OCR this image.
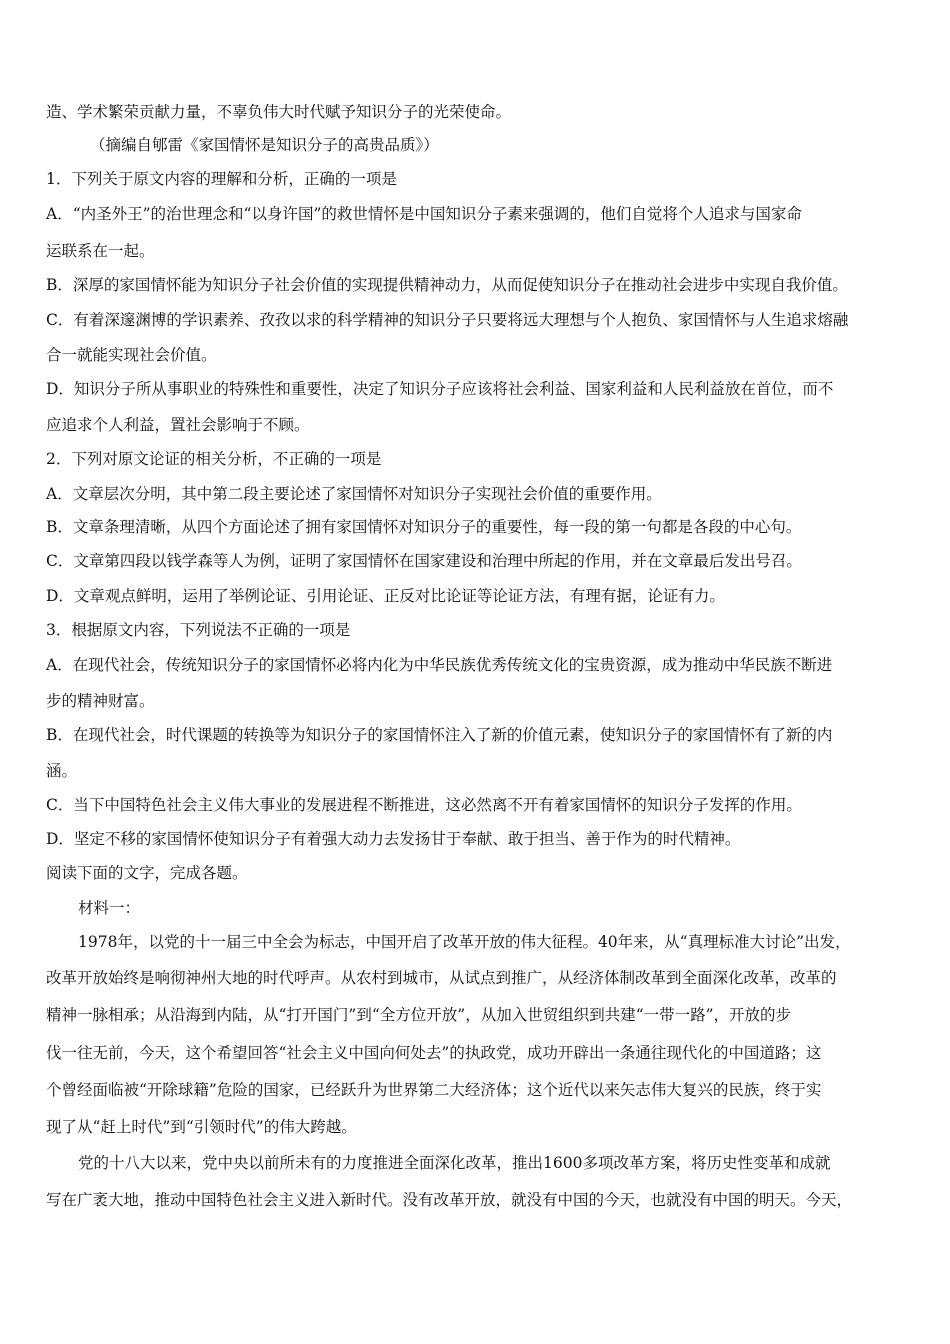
造、学术繁荣贡献力量，不辜负伟大时代赋予知识分子的光荣使命。
（摘编自郇雷《家国情怀是知识分子的高贵品质》）
1．下列关于原文内容的理解和分析，正确的一项是
A．“内圣外王”的治世理念和“以身许国”的救世情怀是中国知识分子素来强调的，他们自觉将个人追求与国家命
运联系在一起。
B．深厚的家国情怀能为知识分子社会价值的实现提供精神动力，从而促使知识分子在推动社会进步中实现自我价值。
C．有着深邃渊博的学识素养、孜孜以求的科学精神的知识分子只要将远大理想与个人抱负、家国情怀与人生追求熔融
合一就能实现社会价值。
D．知识分子所从事职业的特殊性和重要性，决定了知识分子应该将社会利益、国家利益和人民利益放在首位，而不
应追求个人利益，置社会影响于不顾。
2．下列对原文论证的相关分析，不正确的一项是
A．文章层次分明，其中第二段主要论述了家国情怀对知识分子实现社会价值的重要作用。
B．文章条理清晰，从四个方面论述了拥有家国情怀对知识分子的重要性，每一段的第一句都是各段的中心句。
C．文章第四段以钱学森等人为例，证明了家国情怀在国家建设和治理中所起的作用，并在文章最后发出号召。
D．文章观点鲜明，运用了举例论证、引用论证、正反对比论证等论证方法，有理有据，论证有力。
3．根据原文内容，下列说法不正确的一项是
A．在现代社会，传统知识分子的家国情怀必将内化为中华民族优秀传统文化的宝贵资源，成为推动中华民族不断进
步的精神财富。
B．在现代社会，时代课题的转换等为知识分子的家国情怀注入了新的价值元素，使知识分子的家国情怀有了新的内
涵。
C．当下中国特色社会主义伟大事业的发展进程不断推进，这必然离不开有着家国情怀的知识分子发挥的作用。
D．坚定不移的家国情怀使知识分子有着强大动力去发扬甘于奉献、敢于担当、善于作为的时代精神。
阅读下面的文字，完成各题。
材料一：
1978年，以党的十一届三中全会为标志，中国开启了改革开放的伟大征程。40年来，从“真理标准大讨论”出发，
改革开放始终是响彻神州大地的时代呼声。从农村到城市，从试点到推广，从经济体制改革到全面深化改革，改革的
精神一脉相承；从沿海到内陆，从“打开国门”到“全方位开放”，从加入世贸组织到共建“一带一路”，开放的步
伐一往无前，今天，这个希望回答“社会主义中国向何处去”的执政党，成功开辟出一条通往现代化的中国道路；这
个曾经面临被“开除球籍”危险的国家，已经跃升为世界第二大经济体；这个近代以来矢志伟大复兴的民族，终于实
现了从“赶上时代”到“引领时代”的伟大跨越。
党的十八大以来，党中央以前所未有的力度推进全面深化改革，推出1600多项改革方案，将历史性变革和成就
写在广袤大地，推动中国特色社会主义进入新时代。没有改革开放，就没有中国的今天，也就没有中国的明天。今天，
